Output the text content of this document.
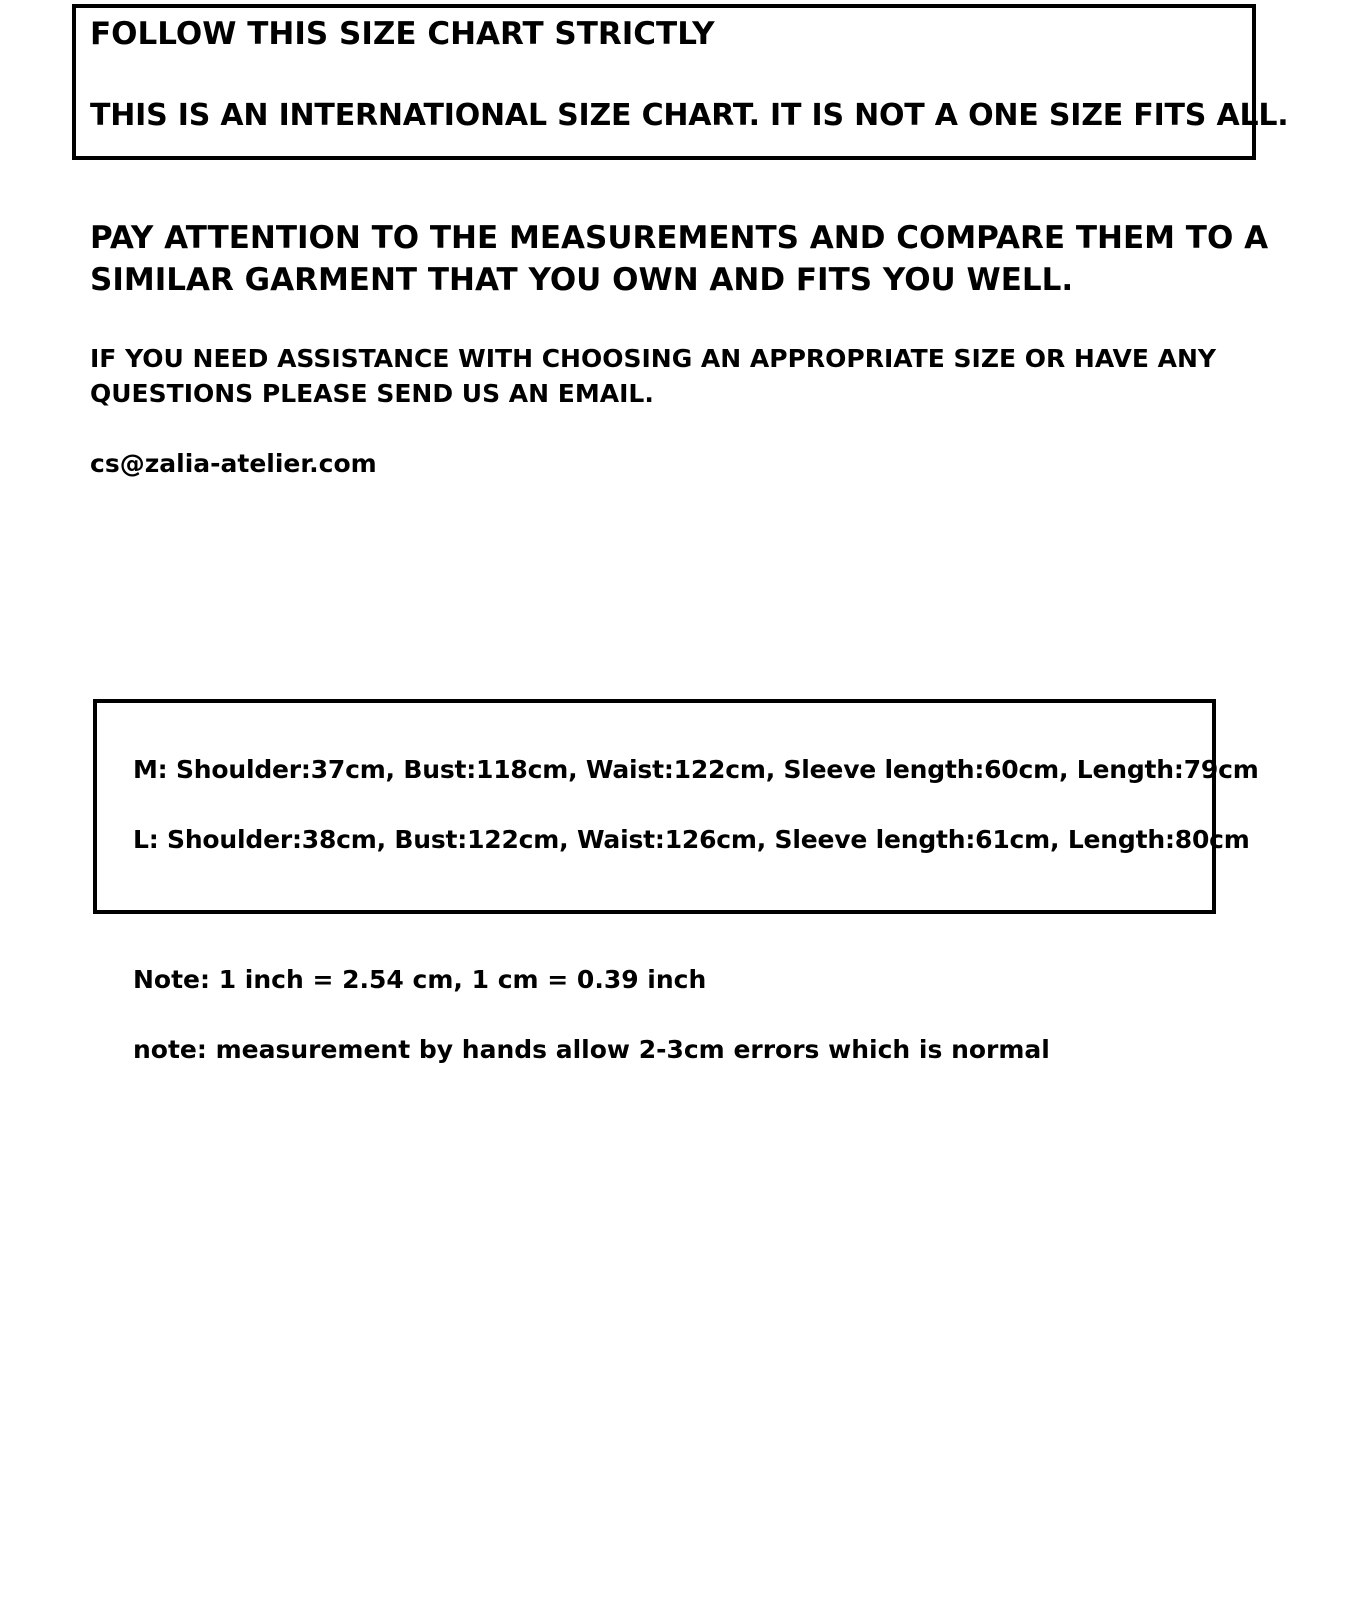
FOLLOW THIS SIZE CHART STRICTLY

THIS IS AN INTERNATIONAL SIZE CHART. IT IS NOT A ONE SIZE FITS ALL.

PAY ATTENTION TO THE MEASUREMENTS AND COMPARE THEM TO A

SIMILAR GARMENT THAT YOU OWN AND FITS YOU WELL.

IF YOU NEED ASSISTANCE WITH CHOOSING AN APPROPRIATE SIZE OR HAVE ANY

QUESTIONS PLEASE SEND US AN EMAIL.

cs@zalia-atelier.com

M: Shoulder:37cm, Bust:118cm, Waist:122cm, Sleeve length:60cm, Length:79cm

L: Shoulder:38cm, Bust:122cm, Waist:126cm, Sleeve length:61cm, Length:80cm

Note: 1 inch = 2.54 cm, 1 cm = 0.39 inch

note: measurement by hands allow 2-3cm errors which is normal
